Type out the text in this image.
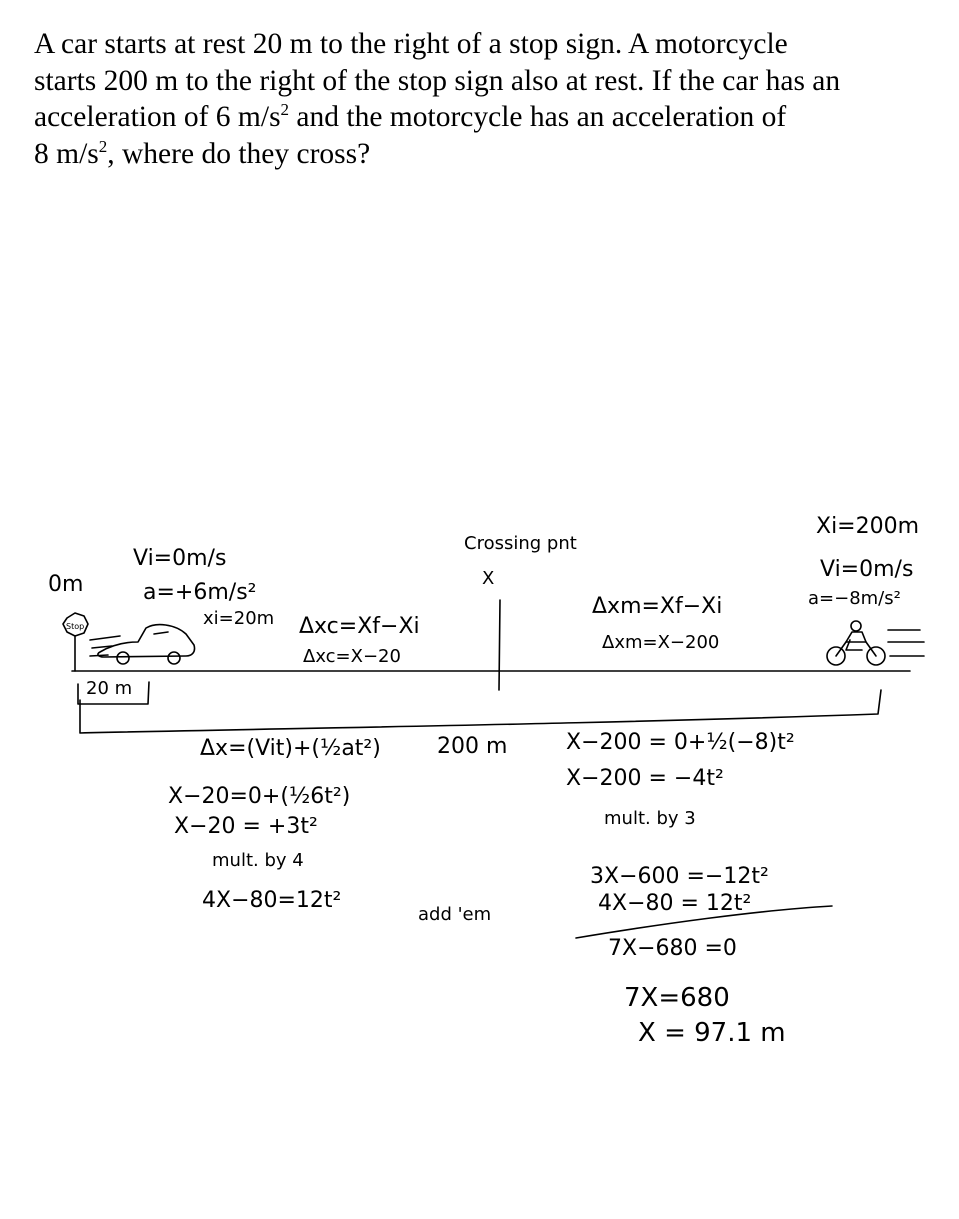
A car starts at rest 20 m to the right of a stop sign. A motorcycle
starts 200 m to the right of the stop sign also at rest. If the car has an
acceleration of 6 $m/s^2$ and the motorcycle has an acceleration of
8 $m/s^2$, where do they cross?
Stop
0m
Vi=0m/s
a=+6m/s²
xi=20m Δxc=Xf−Xi
Δxc=X−20
Crossing pnt
X
Δxm=Xf−Xi
Δxm=X−200
Xi=200m
Vi=0m/s
a=−8m/s²
20 m
200 m
Δx=(Vit)+(½at²)
X−20=0+(½6t²)
X−20 = +3t²
mult. by 4
4X−80=12t²
add 'em
X−200 = 0+½(−8)t²
X−200 = −4t²
mult. by 3
3X−600 =−12t²
4X−80 = 12t²
7X−680 =0
7X=680
X = 97.1 m
